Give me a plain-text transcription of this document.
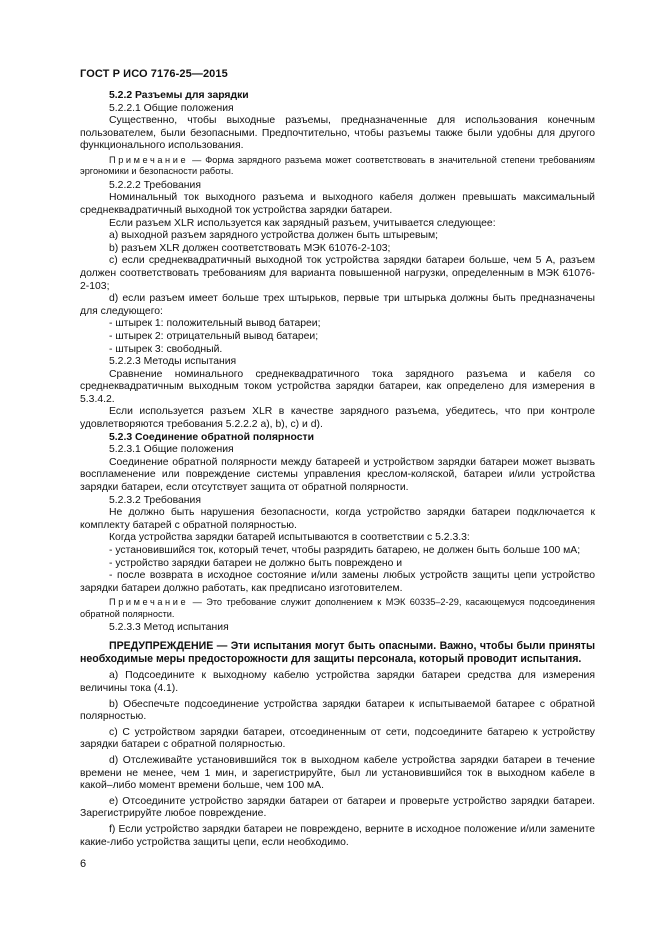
ГОСТ Р ИСО 7176-25—2015

5.2.2 Разъемы для зарядки

5.2.2.1 Общие положения

Существенно, чтобы выходные разъемы, предназначенные для использования конечным пользователем, были безопасными. Предпочтительно, чтобы разъемы также были удобны для другого функционального использования.

Примечание — Форма зарядного разъема может соответствовать в значительной степени требованиям эргономики и безопасности работы.

5.2.2.2 Требования

Номинальный ток выходного разъема и выходного кабеля должен превышать максимальный среднеквадратичный выходной ток устройства зарядки батареи.

Если разъем XLR используется как зарядный разъем, учитывается следующее:

a) выходной разъем зарядного устройства должен быть штыревым;

b) разъем XLR должен соответствовать МЭК 61076-2-103;

c) если среднеквадратичный выходной ток устройства зарядки батареи больше, чем 5 А, разъем должен соответствовать требованиям для варианта повышенной нагрузки, определенным в МЭК 61076-2-103;

d) если разъем имеет больше трех штырьков, первые три штырька должны быть предназначены для следующего:

- штырек 1: положительный вывод батареи;

- штырек 2: отрицательный вывод батареи;

- штырек 3: свободный.

5.2.2.3 Методы испытания

Сравнение номинального среднеквадратичного тока зарядного разъема и кабеля со среднеквадратичным выходным током устройства зарядки батареи, как определено для измерения в 5.3.4.2.

Если используется разъем XLR в качестве зарядного разъема, убедитесь, что при контроле удовлетворяются требования 5.2.2.2 а), b), c) и d).

5.2.3 Соединение обратной полярности

5.2.3.1 Общие положения

Соединение обратной полярности между батареей и устройством зарядки батареи может вызвать воспламенение или повреждение системы управления креслом-коляской, батареи и/или устройства зарядки батареи, если отсутствует защита от обратной полярности.

5.2.3.2 Требования

Не должно быть нарушения безопасности, когда устройство зарядки батареи подключается к комплекту батарей с обратной полярностью.

Когда устройства зарядки батарей испытываются в соответствии с 5.2.3.3:

- установившийся ток, который течет, чтобы разрядить батарею, не должен быть больше 100 мА;

- устройство зарядки батареи не должно быть повреждено и

- после возврата в исходное состояние и/или замены любых устройств защиты цепи устройство зарядки батареи должно работать, как предписано изготовителем.

Примечание — Это требование служит дополнением к МЭК 60335–2-29, касающемуся подсоединения обратной полярности.

5.2.3.3 Метод испытания

ПРЕДУПРЕЖДЕНИЕ — Эти испытания могут быть опасными. Важно, чтобы были приняты необходимые меры предосторожности для защиты персонала, который проводит испытания.

a) Подсоедините к выходному кабелю устройства зарядки батареи средства для измерения величины тока (4.1).

b) Обеспечьте подсоединение устройства зарядки батареи к испытываемой батарее с обратной полярностью.

c) С устройством зарядки батареи, отсоединенным от сети, подсоедините батарею к устройству зарядки батареи с обратной полярностью.

d) Отслеживайте установившийся ток в выходном кабеле устройства зарядки батареи в течение времени не менее, чем 1 мин, и зарегистрируйте, был ли установившийся ток в выходном кабеле в какой–либо момент времени больше, чем 100 мА.

e) Отсоедините устройство зарядки батареи от батареи и проверьте устройство зарядки батареи. Зарегистрируйте любое повреждение.

f) Если устройство зарядки батареи не повреждено, верните в исходное положение и/или замените какие-либо устройства защиты цепи, если необходимо.

6
